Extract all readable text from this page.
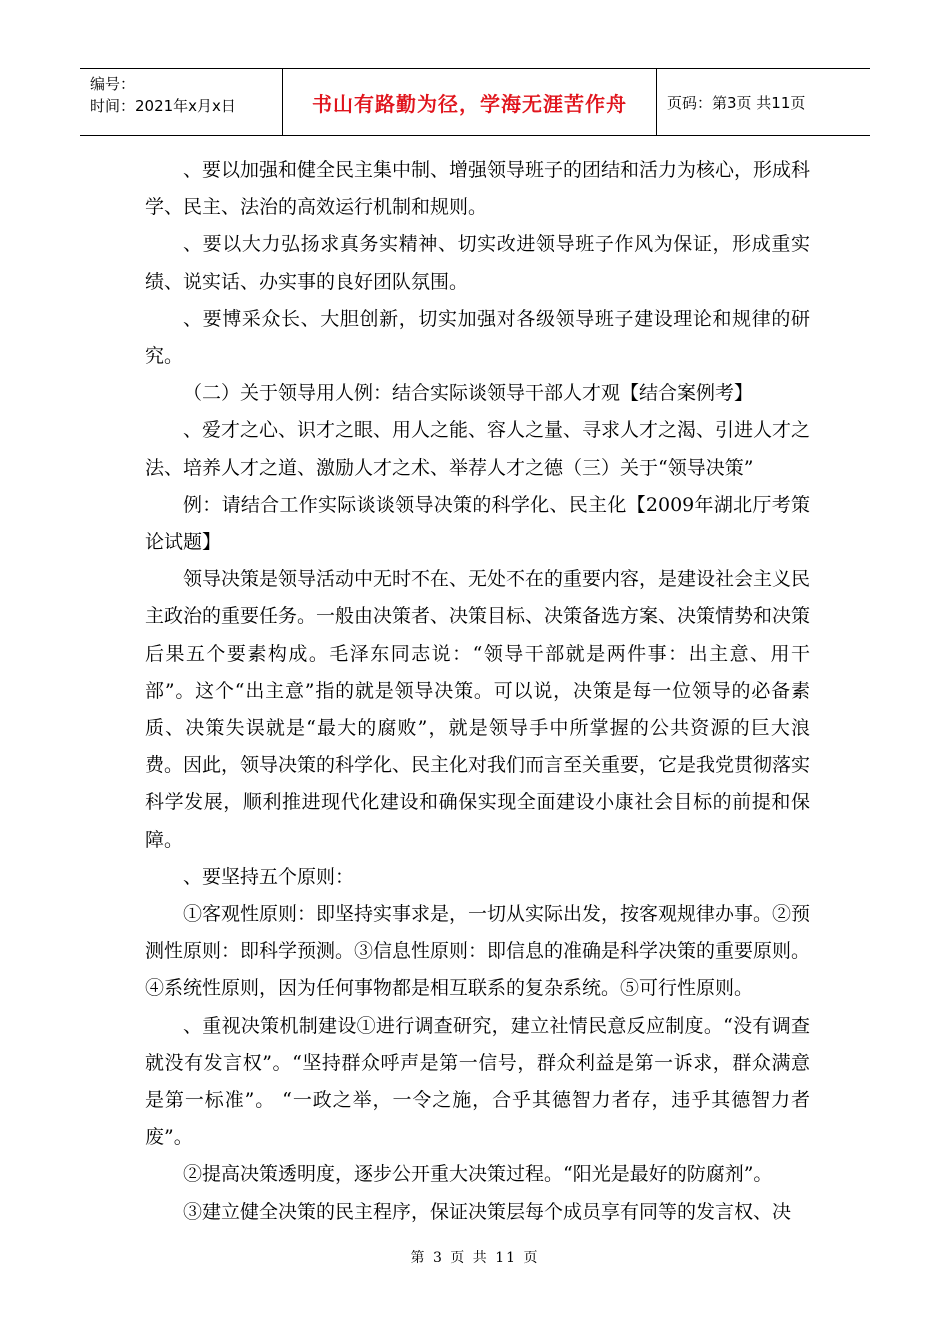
编号：
时间：2021年x月x日	书山有路勤为径，学海无涯苦作舟	页码：第3页 共11页

、要以加强和健全民主集中制、增强领导班子的团结和活力为核心，形成科学、民主、法治的高效运行机制和规则。

、要以大力弘扬求真务实精神、切实改进领导班子作风为保证，形成重实绩、说实话、办实事的良好团队氛围。

、要博采众长、大胆创新，切实加强对各级领导班子建设理论和规律的研究。

（二）关于领导用人例：结合实际谈领导干部人才观【结合案例考】

、爱才之心、识才之眼、用人之能、容人之量、寻求人才之渴、引进人才之法、培养人才之道、激励人才之术、举荐人才之德（三）关于“领导决策”

例：请结合工作实际谈谈领导决策的科学化、民主化【2009年湖北厅考策论试题】

领导决策是领导活动中无时不在、无处不在的重要内容，是建设社会主义民主政治的重要任务。一般由决策者、决策目标、决策备选方案、决策情势和决策后果五个要素构成。毛泽东同志说：“领导干部就是两件事：出主意、用干部”。这个“出主意”指的就是领导决策。可以说，决策是每一位领导的必备素质、决策失误就是“最大的腐败”，就是领导手中所掌握的公共资源的巨大浪费。因此，领导决策的科学化、民主化对我们而言至关重要，它是我党贯彻落实科学发展，顺利推进现代化建设和确保实现全面建设小康社会目标的前提和保障。

、要坚持五个原则：

①客观性原则：即坚持实事求是，一切从实际出发，按客观规律办事。②预测性原则：即科学预测。③信息性原则：即信息的准确是科学决策的重要原则。④系统性原则，因为任何事物都是相互联系的复杂系统。⑤可行性原则。

、重视决策机制建设①进行调查研究，建立社情民意反应制度。“没有调查就没有发言权”。“坚持群众呼声是第一信号，群众利益是第一诉求，群众满意是第一标准”。 “一政之举，一令之施，合乎其德智力者存，违乎其德智力者废”。

②提高决策透明度，逐步公开重大决策过程。“阳光是最好的防腐剂”。

③建立健全决策的民主程序，保证决策层每个成员享有同等的发言权、决

第 3 页 共 11 页
